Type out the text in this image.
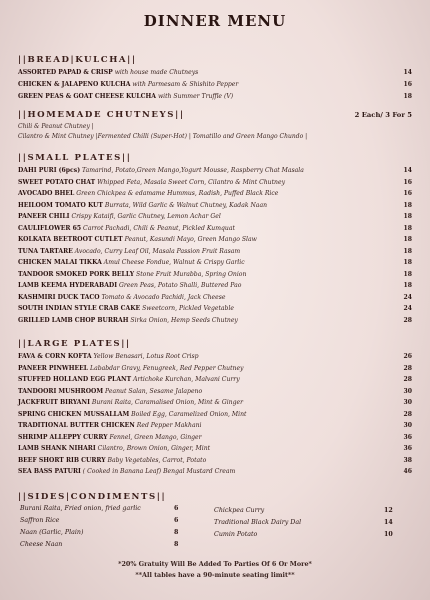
DINNER MENU
||BREAD|KULCHA||
ASSORTED PAPAD & CRISP with house made Chutneys	14
CHICKEN & JALAPENO KULCHA with Parmesam & Shishito Pepper	16
GREEN PEAS & GOAT CHEESE KULCHA with Summer Truffle (V)	18
||HOMEMADE CHUTNEYS||	2 Each/ 3 For 5
Chili & Peanut Chutney |
Cilantro & Mint Chutney |Fermented Chilli (Super-Hot) | Tomatillo and Green Mango Chundo |
||SMALL PLATES||
DAHI PURI (6pcs) Tamarind, Potato,Green Mango,Yogurt Mousse, Raspberry Chat Masala	14
SWEET POTATO CHAT Whipped Feta, Masala Sweet Corn, Cilantro & Mint Chutney	16
AVOCADO BHEL Green Chickpea & edamame Hummus, Radish, Puffed Black Rice	16
HEILOOM TOMATO KUT Burrata, Wild Garlic & Walnut Chutney, Kadak Naan	18
PANEER CHILI Crispy Kataifi, Garlic Chutney, Lemon Achar Gel	18
CAULIFLOWER 65 Carrot Pachadi, Chili & Peanut, Pickled Kumquat	18
KOLKATA BEETROOT CUTLET Peanut, Kasundi Mayo, Green Mango Slaw	18
TUNA TARTARE Avocado, Curry Leaf Oil, Masala Passion Fruit Rasam	18
CHICKEN MALAI TIKKA Amul Cheese Fondue, Walnut & Crispy Garlic	18
TANDOOR SMOKED PORK BELLY Stone Fruit Murabba, Spring Onion	18
LAMB KEEMA HYDERABADI Green Peas, Potato Shalli, Buttered Pao	18
KASHMIRI DUCK TACO Tomato & Avocado Pachidi, Jack Cheese	24
SOUTH INDIAN STYLE CRAB CAKE Sweetcorn, Pickled Vegetable	24
GRILLED LAMB CHOP BURRAH Sirka Onion, Hemp Seeds Chutney	28
||LARGE PLATES||
FAVA & CORN KOFTA Yellow Benasari, Lotus Root Crisp	26
PANEER PINWHEEL Lababdar Gravy, Fenugreek, Red Pepper Chutney	28
STUFFED HOLLAND EGG PLANT Artichoke Kurchan, Malvani Curry	28
TANDOORI MUSHROOM Peanut Salan, Sesame Jalapeno	30
JACKFRUIT BIRYANI Burani Raita, Caramalised Onion, Mint & Ginger	30
SPRING CHICKEN MUSSALLAM Boiled Egg, Caramelized Onion, Mint	28
TRADITIONAL BUTTER CHICKEN Red Pepper Makhani	30
SHRIMP ALLEPPY CURRY Fennel, Green Mango, Ginger	36
LAMB SHANK NIHARI Cilantro, Brown Onion, Ginger, Mint	36
BEEF SHORT RIB CURRY Baby Vegetables, Carrot, Potato	38
SEA BASS PATURI ( Cooked in Banana Leaf) Bengal Mustard Cream	46
||SIDES|CONDIMENTS||
Burani Raita, Fried onion, fried garlic	6
Saffron Rice	6
Naan (Garlic, Plain)	8
Cheese Naan	8
Chickpea Curry	12
Traditional Black Dairy Dal	14
Cumin Potato	10
*20% Gratuity Will Be Added To Parties Of 6 Or More*
**All tables have a 90-minute seating limit**
